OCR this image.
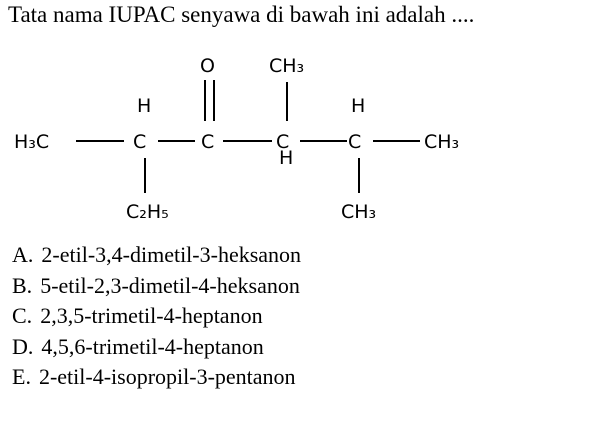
Tata nama IUPAC senyawa di bawah ini adalah ....
H₃C
H
C
C₂H₅
O
C
CH₃
C
H
H
C
CH₃
CH₃
A. 2-etil-3,4-dimetil-3-heksanon
B. 5-etil-2,3-dimetil-4-heksanon
C. 2,3,5-trimetil-4-heptanon
D. 4,5,6-trimetil-4-heptanon
E. 2-etil-4-isopropil-3-pentanon
